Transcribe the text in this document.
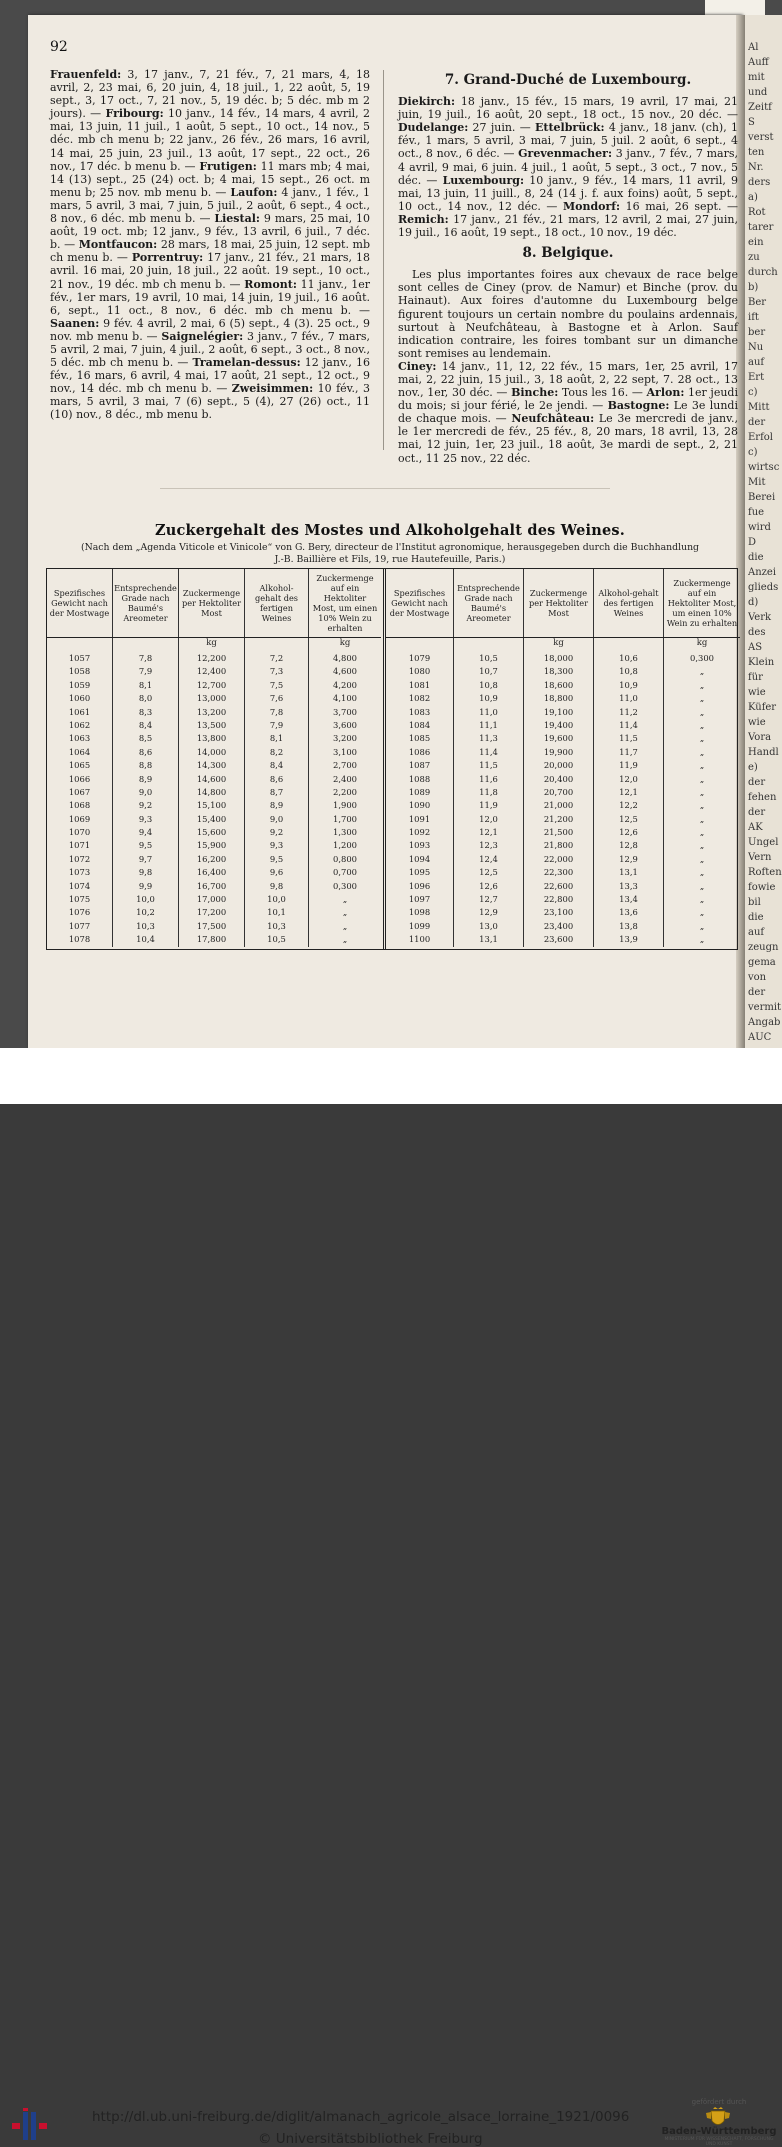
Al
Auff
mit
und
Zeitf
S
verst
ten
Nr.
ders
a)
Rot
tarer
ein
zu
durch
b)
Ber
ift
ber
Nu
auf
Ert
c)
Mitt
der
Erfol
c)
wirtsc
Mit
Berei
fue
wird
D
die
Anzei
glieds
d)
Verk
des
AS
Klein
für
wie
Küfer
wie
Vora
Handl
e)
der
fehen
der
AK
Ungel
Vern
Roften
fowie
bil
die
auf
zeugn
gema
von
der
vermit
Angab
AUC
92

Frauenfeld: 3, 17 janv., 7, 21 fév., 7, 21 mars, 4, 18 avril, 2, 23 mai, 6, 20 juin, 4, 18 juil., 1, 22 août, 5, 19 sept., 3, 17 oct., 7, 21 nov., 5, 19 déc. b; 5 déc. mb m 2 jours). — Fribourg: 10 janv., 14 fév., 14 mars, 4 avril, 2 mai, 13 juin, 11 juil., 1 août, 5 sept., 10 oct., 14 nov., 5 déc. mb ch menu b; 22 janv., 26 fév., 26 mars, 16 avril, 14 mai, 25 juin, 23 juil., 13 août, 17 sept., 22 oct., 26 nov., 17 déc. b menu b. — Frutigen: 11 mars mb; 4 mai, 14 (13) sept., 25 (24) oct. b; 4 mai, 15 sept., 26 oct. m menu b; 25 nov. mb menu b. — Laufon: 4 janv., 1 fév., 1 mars, 5 avril, 3 mai, 7 juin, 5 juil., 2 août, 6 sept., 4 oct., 8 nov., 6 déc. mb menu b. — Liestal: 9 mars, 25 mai, 10 août, 19 oct. mb; 12 janv., 9 fév., 13 avril, 6 juil., 7 déc. b. — Montfaucon: 28 mars, 18 mai, 25 juin, 12 sept. mb ch menu b. — Porrentruy: 17 janv., 21 fév., 21 mars, 18 avril. 16 mai, 20 juin, 18 juil., 22 août. 19 sept., 10 oct., 21 nov., 19 déc. mb ch menu b. — Romont: 11 janv., 1er fév., 1er mars, 19 avril, 10 mai, 14 juin, 19 juil., 16 août. 6, sept., 11 oct., 8 nov., 6 déc. mb ch menu b. — Saanen: 9 fév. 4 avril, 2 mai, 6 (5) sept., 4 (3). 25 oct., 9 nov. mb menu b. — Saignelégier: 3 janv., 7 fév., 7 mars, 5 avril, 2 mai, 7 juin, 4 juil., 2 août, 6 sept., 3 oct., 8 nov., 5 déc. mb ch menu b. — Tramelan-dessus: 12 janv., 16 fév., 16 mars, 6 avril, 4 mai, 17 août, 21 sept., 12 oct., 9 nov., 14 déc. mb ch menu b. — Zweisimmen: 10 fév., 3 mars, 5 avril, 3 mai, 7 (6) sept., 5 (4), 27 (26) oct., 11 (10) nov., 8 déc., mb menu b.

7. Grand-Duché de Luxembourg.

Diekirch: 18 janv., 15 fév., 15 mars, 19 avril, 17 mai, 21 juin, 19 juil., 16 août, 20 sept., 18 oct., 15 nov., 20 déc. — Dudelange: 27 juin. — Ettelbrück: 4 janv., 18 janv. (ch), 1 fév., 1 mars, 5 avril, 3 mai, 7 juin, 5 juil. 2 août, 6 sept., 4 oct., 8 nov., 6 déc. — Grevenmacher: 3 janv., 7 fév., 7 mars, 4 avril, 9 mai, 6 juin. 4 juil., 1 août, 5 sept., 3 oct., 7 nov., 5 déc. — Luxembourg: 10 janv., 9 fév., 14 mars, 11 avril, 9 mai, 13 juin, 11 juill., 8, 24 (14 j. f. aux foins) août, 5 sept., 10 oct., 14 nov., 12 déc. — Mondorf: 16 mai, 26 sept. — Remich: 17 janv., 21 fév., 21 mars, 12 avril, 2 mai, 27 juin, 19 juil., 16 août, 19 sept., 18 oct., 10 nov., 19 déc.

8. Belgique.

Les plus importantes foires aux chevaux de race belge sont celles de Ciney (prov. de Namur) et Binche (prov. du Hainaut). Aux foires d'automne du Luxembourg belge figurent toujours un certain nombre du poulains ardennais, surtout à Neufchâteau, à Bastogne et à Arlon. Sauf indication contraire, les foires tombant sur un dimanche sont remises au lendemain.

Ciney: 14 janv., 11, 12, 22 fév., 15 mars, 1er, 25 avril, 17 mai, 2, 22 juin, 15 juil., 3, 18 août, 2, 22 sept, 7. 28 oct., 13 nov., 1er, 30 déc. — Binche: Tous les 16. — Arlon: 1er jeudi du mois; si jour férié, le 2e jendi. — Bastogne: Le 3e lundi de chaque mois. — Neufchâteau: Le 3e mercredi de janv., le 1er mercredi de fév., 25 fév., 8, 20 mars, 18 avril, 13, 28 mai, 12 juin, 1er, 23 juil., 18 août, 3e mardi de sept., 2, 21 oct., 11 25 nov., 22 déc.

Zuckergehalt des Mostes und Alkoholgehalt des Weines.
(Nach dem „Agenda Viticole et Vinicole“ von G. Bery, directeur de l'Institut agronomique, herausgegeben durch die Buchhandlung
J.-B. Baillière et Fils, 19, rue Hautefeuille, Paris.)
Spezifisches Gewicht nach der Mostwage
Entsprechende Grade nach Baumé's Areometer
Zuckermenge per Hektoliter Most
Alkohol-gehalt des fertigen Weines
Zuckermenge auf ein Hektoliter Most, um einen 10% Wein zu erhalten
kg	kg
1057	7,8	12,200	7,2	4,800
1058	7,9	12,400	7,3	4,600
1059	8,1	12,700	7,5	4,200
1060	8,0	13,000	7,6	4,100
1061	8,3	13,200	7,8	3,700
1062	8,4	13,500	7,9	3,600
1063	8,5	13,800	8,1	3,200
1064	8,6	14,000	8,2	3,100
1065	8,8	14,300	8,4	2,700
1066	8,9	14,600	8,6	2,400
1067	9,0	14,800	8,7	2,200
1068	9,2	15,100	8,9	1,900
1069	9,3	15,400	9,0	1,700
1070	9,4	15,600	9,2	1,300
1071	9,5	15,900	9,3	1,200
1072	9,7	16,200	9,5	0,800
1073	9,8	16,400	9,6	0,700
1074	9,9	16,700	9,8	0,300
1075	10,0	17,000	10,0	„
1076	10,2	17,200	10,1	„
1077	10,3	17,500	10,3	„
1078	10,4	17,800	10,5	„
Spezifisches Gewicht nach der Mostwage
Entsprechende Grade nach Baumé's Areometer
Zuckermenge per Hektoliter Most
Alkohol-gehalt des fertigen Weines
Zuckermenge auf ein Hektoliter Most, um einen 10% Wein zu erhalten
kg	kg
1079	10,5	18,000	10,6	0,300
1080	10,7	18,300	10,8	„
1081	10,8	18,600	10,9	„
1082	10,9	18,800	11,0	„
1083	11,0	19,100	11,2	„
1084	11,1	19,400	11,4	„
1085	11,3	19,600	11,5	„
1086	11,4	19,900	11,7	„
1087	11,5	20,000	11,9	„
1088	11,6	20,400	12,0	„
1089	11,8	20,700	12,1	„
1090	11,9	21,000	12,2	„
1091	12,0	21,200	12,5	„
1092	12,1	21,500	12,6	„
1093	12,3	21,800	12,8	„
1094	12,4	22,000	12,9	„
1095	12,5	22,300	13,1	„
1096	12,6	22,600	13,3	„
1097	12,7	22,800	13,4	„
1098	12,9	23,100	13,6	„
1099	13,0	23,400	13,8	„
1100	13,1	23,600	13,9	„
http://dl.ub.uni-freiburg.de/diglit/almanach_agricole_alsace_lorraine_1921/0096
© Universitätsbibliothek Freiburg
gefördert durch
Baden-Württemberg
MINISTERIUM FÜR WISSENSCHAFT, FORSCHUNG UND KUNST
